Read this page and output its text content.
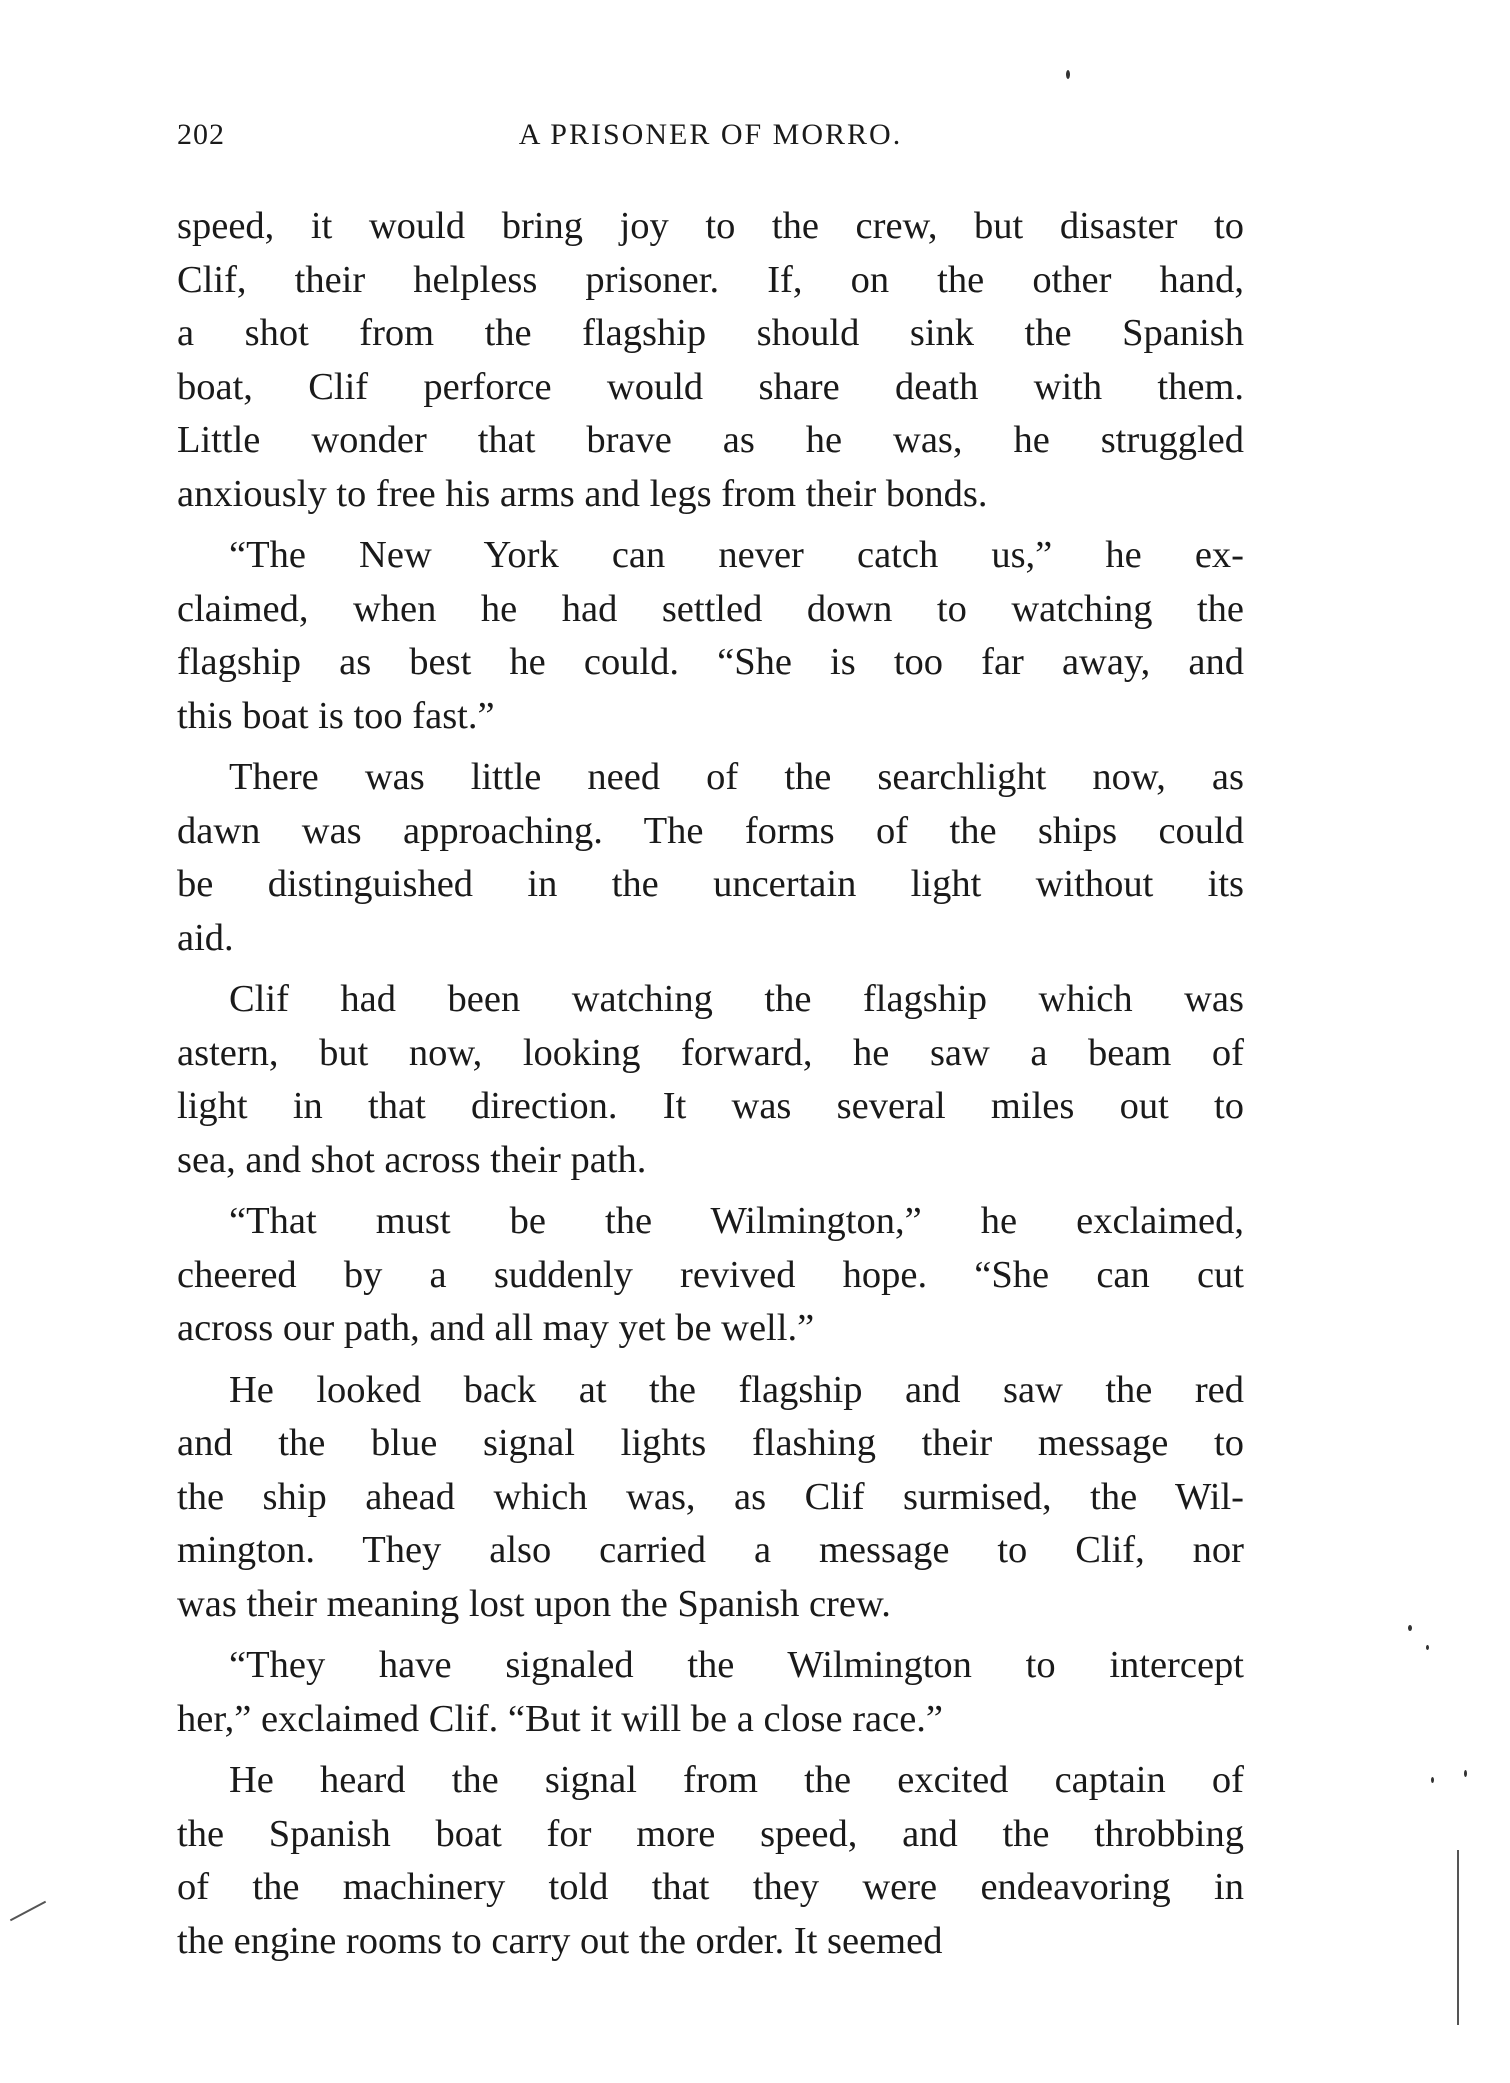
202	A PRISONER OF MORRO.
speed, it would bring joy to the crew, but disaster to
Clif, their helpless prisoner. If, on the other hand,
a shot from the flagship should sink the Spanish
boat, Clif perforce would share death with them.
Little wonder that brave as he was, he struggled
anxiously to free his arms and legs from their bonds.
“The New York can never catch us,” he ex-
claimed, when he had settled down to watching the
flagship as best he could. “She is too far away, and
this boat is too fast.”
There was little need of the searchlight now, as
dawn was approaching. The forms of the ships could
be distinguished in the uncertain light without its
aid.
Clif had been watching the flagship which was
astern, but now, looking forward, he saw a beam of
light in that direction. It was several miles out to
sea, and shot across their path.
“That must be the Wilmington,” he exclaimed,
cheered by a suddenly revived hope. “She can cut
across our path, and all may yet be well.”
He looked back at the flagship and saw the red
and the blue signal lights flashing their message to
the ship ahead which was, as Clif surmised, the Wil-
mington. They also carried a message to Clif, nor
was their meaning lost upon the Spanish crew.
“They have signaled the Wilmington to intercept
her,” exclaimed Clif. “But it will be a close race.”
He heard the signal from the excited captain of
the Spanish boat for more speed, and the throbbing
of the machinery told that they were endeavoring in
the engine rooms to carry out the order. It seemed
